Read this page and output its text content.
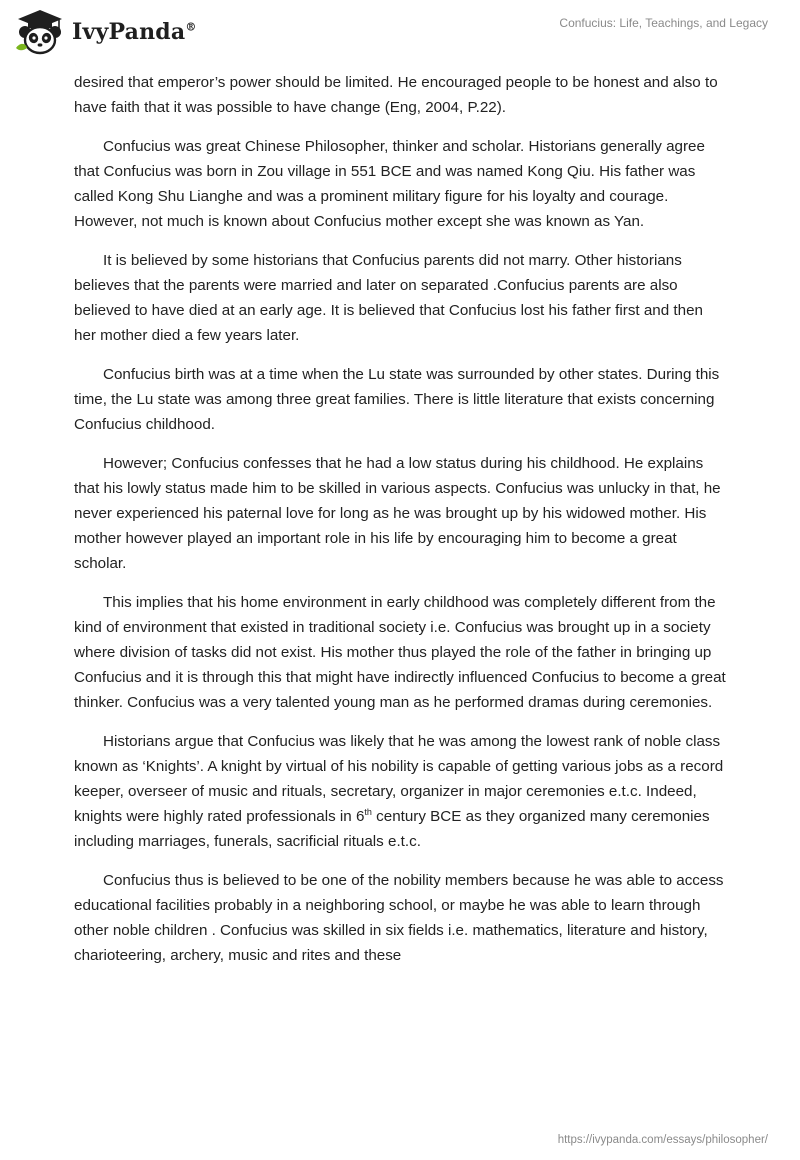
IvyPanda®	Confucius: Life, Teachings, and Legacy

desired that emperor’s power should be limited. He encouraged people to be honest and also to have faith that it was possible to have change (Eng, 2004, P.22).

Confucius was great Chinese Philosopher, thinker and scholar. Historians generally agree that Confucius was born in Zou village in 551 BCE and was named Kong Qiu. His father was called Kong Shu Lianghe and was a prominent military figure for his loyalty and courage. However, not much is known about Confucius mother except she was known as Yan.

It is believed by some historians that Confucius parents did not marry. Other historians believes that the parents were married and later on separated .Confucius parents are also believed to have died at an early age. It is believed that Confucius lost his father first and then her mother died a few years later.

Confucius birth was at a time when the Lu state was surrounded by other states. During this time, the Lu state was among three great families. There is little literature that exists concerning Confucius childhood.

However; Confucius confesses that he had a low status during his childhood. He explains that his lowly status made him to be skilled in various aspects. Confucius was unlucky in that, he never experienced his paternal love for long as he was brought up by his widowed mother. His mother however played an important role in his life by encouraging him to become a great scholar.

This implies that his home environment in early childhood was completely different from the kind of environment that existed in traditional society i.e. Confucius was brought up in a society where division of tasks did not exist. His mother thus played the role of the father in bringing up Confucius and it is through this that might have indirectly influenced Confucius to become a great thinker. Confucius was a very talented young man as he performed dramas during ceremonies.

Historians argue that Confucius was likely that he was among the lowest rank of noble class known as ‘Knights’. A knight by virtual of his nobility is capable of getting various jobs as a record keeper, overseer of music and rituals, secretary, organizer in major ceremonies e.t.c. Indeed, knights were highly rated professionals in 6th century BCE as they organized many ceremonies including marriages, funerals, sacrificial rituals e.t.c.

Confucius thus is believed to be one of the nobility members because he was able to access educational facilities probably in a neighboring school, or maybe he was able to learn through other noble children . Confucius was skilled in six fields i.e. mathematics, literature and history, charioteering, archery, music and rites and these

https://ivypanda.com/essays/philosopher/
